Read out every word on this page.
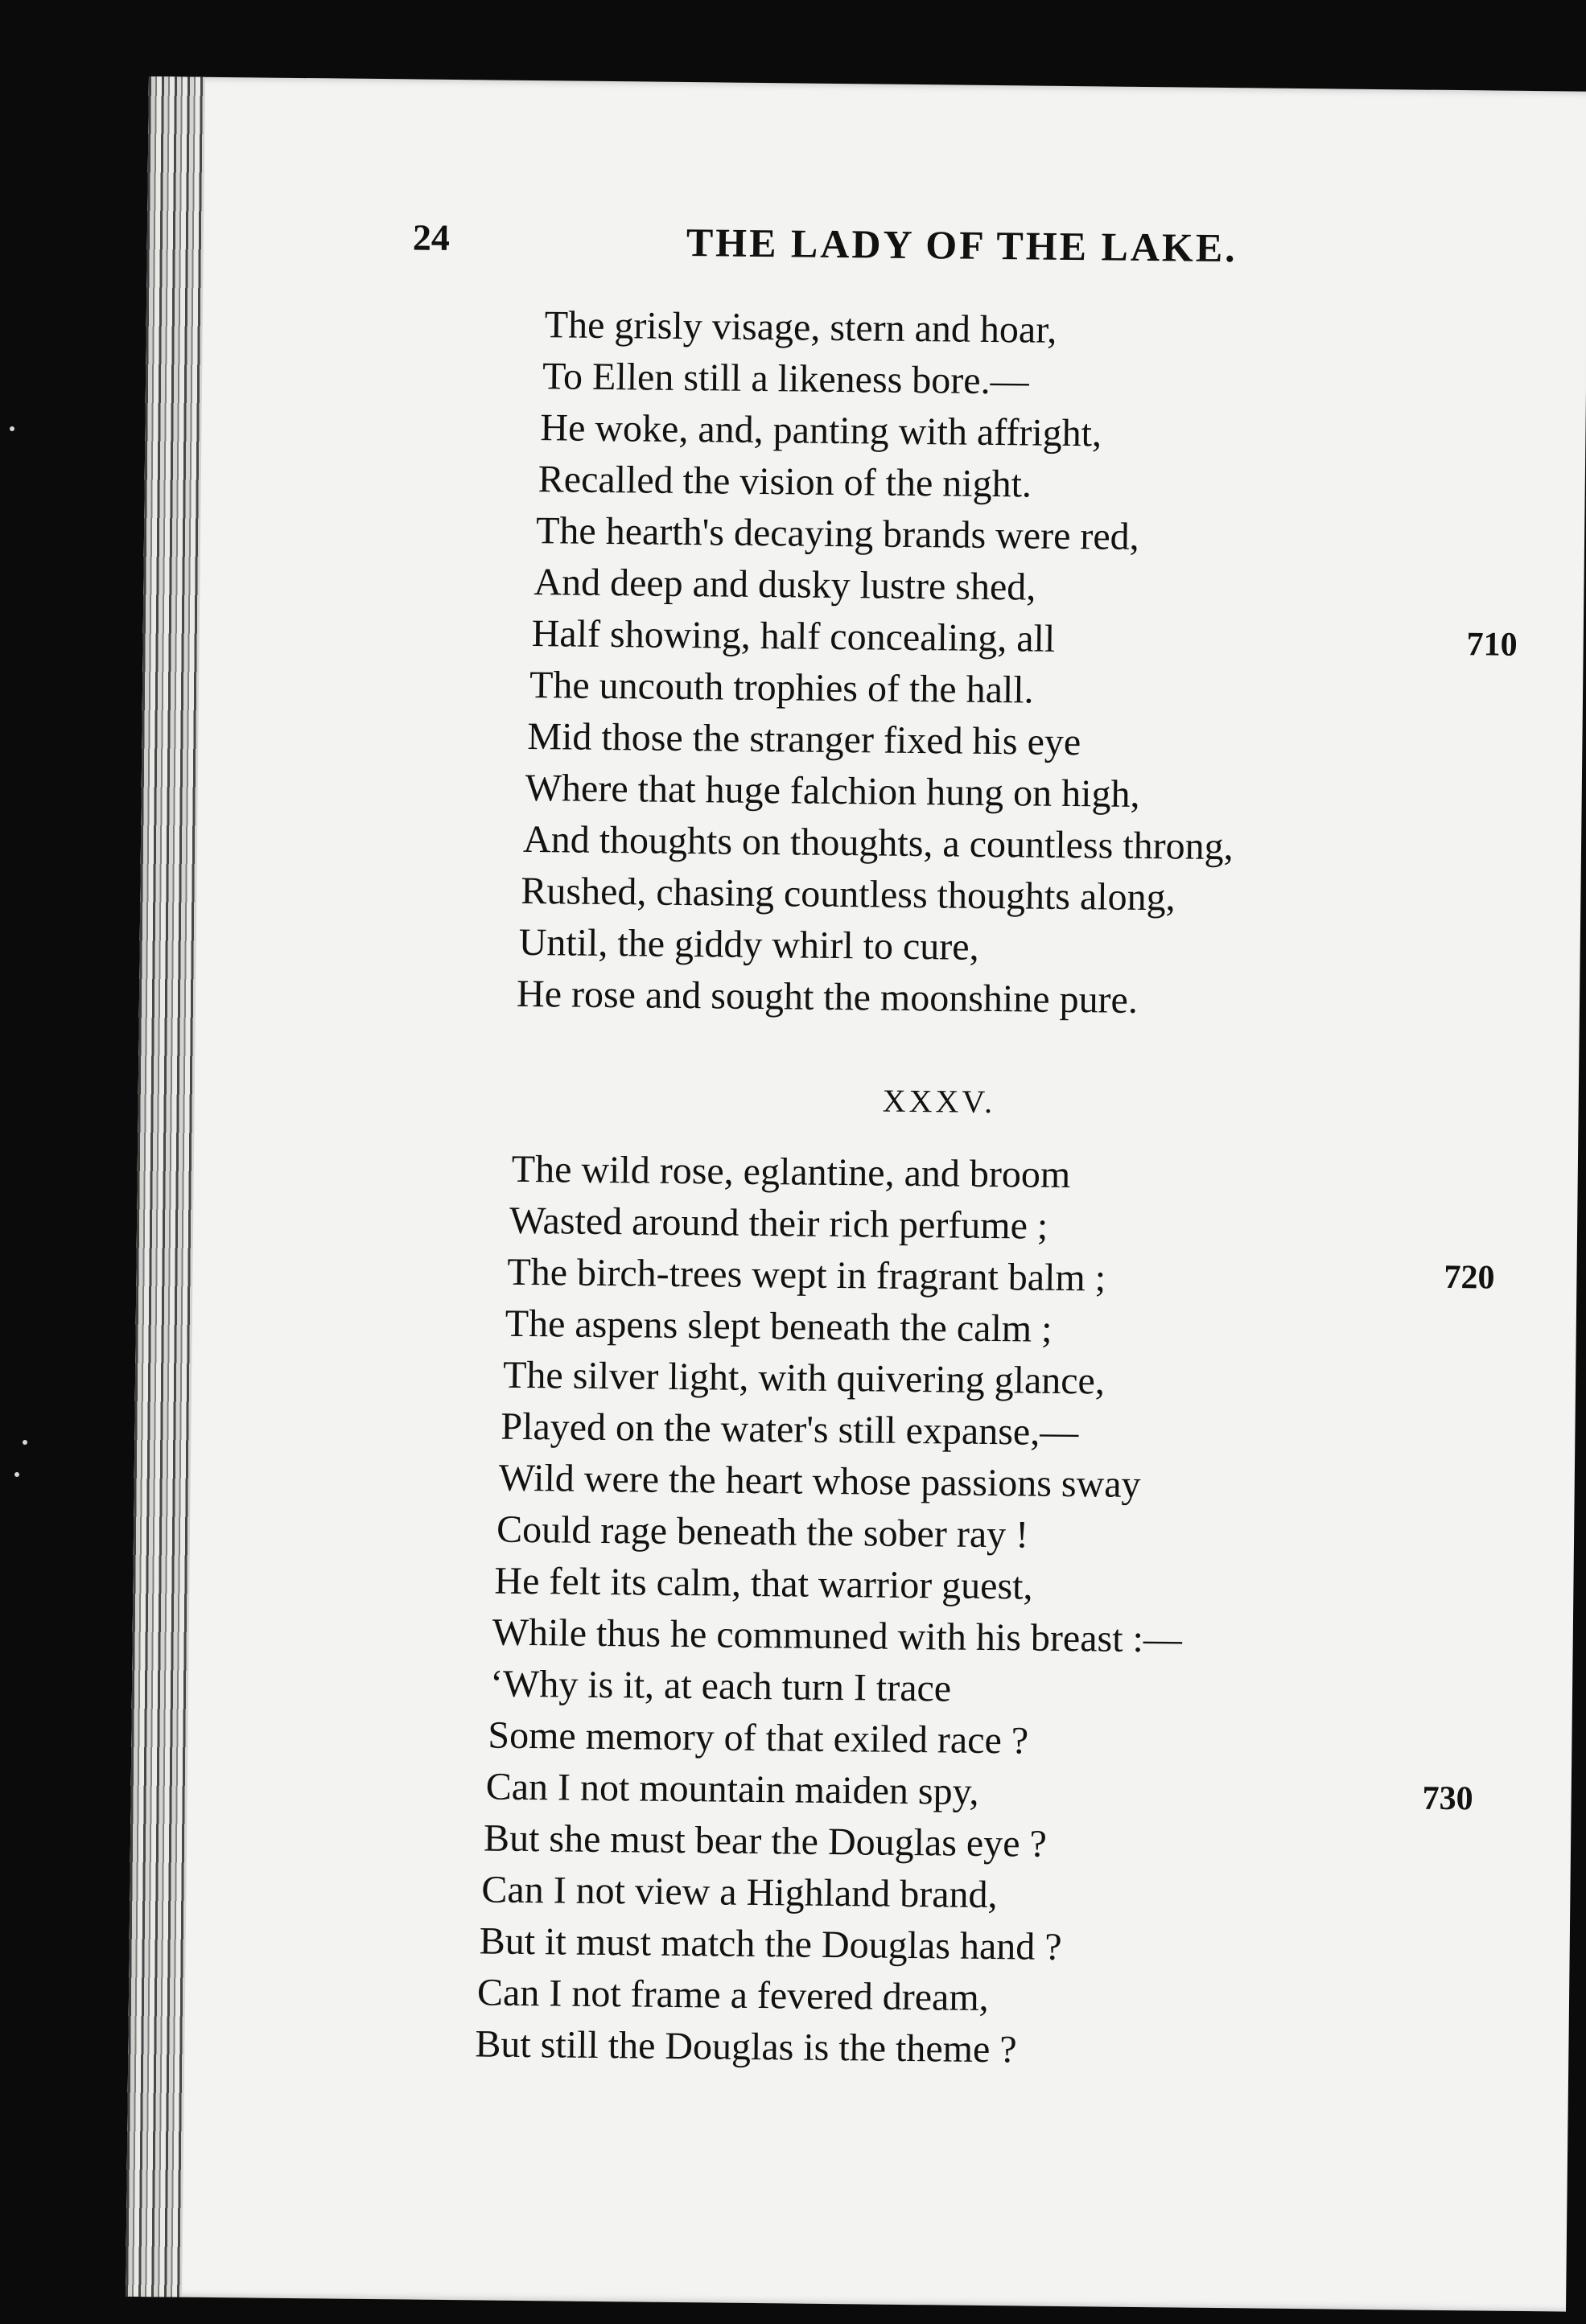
24	THE LADY OF THE LAKE.
The grisly visage, stern and hoar,
To Ellen still a likeness bore.—
He woke, and, panting with affright,
Recalled the vision of the night.
The hearth's decaying brands were red,
And deep and dusky lustre shed,
Half showing, half concealing, all
The uncouth trophies of the hall.
Mid those the stranger fixed his eye
Where that huge falchion hung on high,
And thoughts on thoughts, a countless throng,
Rushed, chasing countless thoughts along,
Until, the giddy whirl to cure,
He rose and sought the moonshine pure.
710
XXXV.
The wild rose, eglantine, and broom
Wasted around their rich perfume ;
The birch-trees wept in fragrant balm ;
The aspens slept beneath the calm ;
The silver light, with quivering glance,
Played on the water's still expanse,—
Wild were the heart whose passions sway
Could rage beneath the sober ray !
He felt its calm, that warrior guest,
While thus he communed with his breast :—
‘Why is it, at each turn I trace
Some memory of that exiled race ?
Can I not mountain maiden spy,
But she must bear the Douglas eye ?
Can I not view a Highland brand,
But it must match the Douglas hand ?
Can I not frame a fevered dream,
But still the Douglas is the theme ?
720
730
